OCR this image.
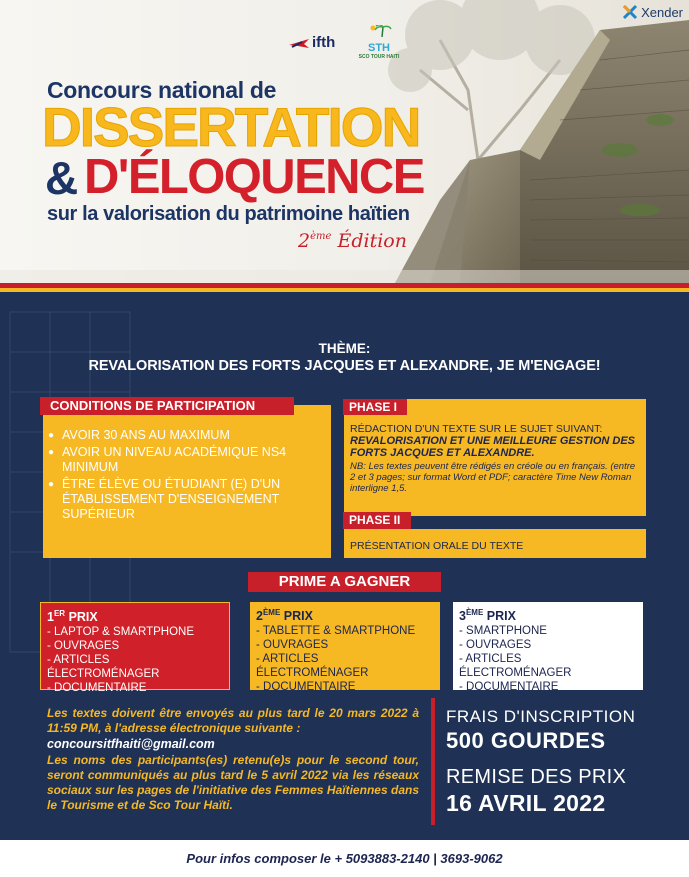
Xender
ifth	STH
SCO TOUR HAITI
Concours national de
DISSERTATION
& D'ÉLOQUENCE
sur la valorisation du patrimoine haïtien
2ème Édition
THÈME:
REVALORISATION DES FORTS JACQUES ET ALEXANDRE, JE M'ENGAGE!
CONDITIONS DE PARTICIPATION
● AVOIR 30 ANS AU MAXIMUM
● AVOIR UN NIVEAU ACADÉMIQUE NS4 MINIMUM
● ÊTRE ÉLÈVE OU ÉTUDIANT (E) D'UN ÉTABLISSEMENT D'ENSEIGNEMENT SUPÉRIEUR
PHASE I
RÉDACTION D'UN TEXTE SUR LE SUJET SUIVANT:
REVALORISATION ET UNE MEILLEURE GESTION DES FORTS JACQUES ET ALEXANDRE.
NB: Les textes peuvent être rédigés en créole ou en français. (entre 2 et 3 pages; sur format Word et PDF; caractère Time New Roman interligne 1,5.
PHASE II
PRÉSENTATION ORALE DU TEXTE
PRIME A GAGNER
1ER PRIX
- LAPTOP & SMARTPHONE
- OUVRAGES
- ARTICLES ÉLECTROMÉNAGER
- DOCUMENTAIRE
2ÈME PRIX
- TABLETTE & SMARTPHONE
- OUVRAGES
- ARTICLES ÉLECTROMÉNAGER
- DOCUMENTAIRE
3ÈME PRIX
- SMARTPHONE
- OUVRAGES
- ARTICLES ÉLECTROMÉNAGER
- DOCUMENTAIRE
Les textes doivent être envoyés au plus tard le 20 mars 2022 à 11:59 PM, à l'adresse électronique suivante :
concoursitfhaiti@gmail.com
Les noms des participants(es) retenu(e)s pour le second tour, seront communiqués au plus tard le 5 avril 2022 via les réseaux sociaux sur les pages de l'initiative des Femmes Haïtiennes dans le Tourisme et de Sco Tour Haïti.
FRAIS D'INSCRIPTION
500 GOURDES
REMISE DES PRIX
16 AVRIL 2022
Pour infos composer le + 5093883-2140 | 3693-9062
